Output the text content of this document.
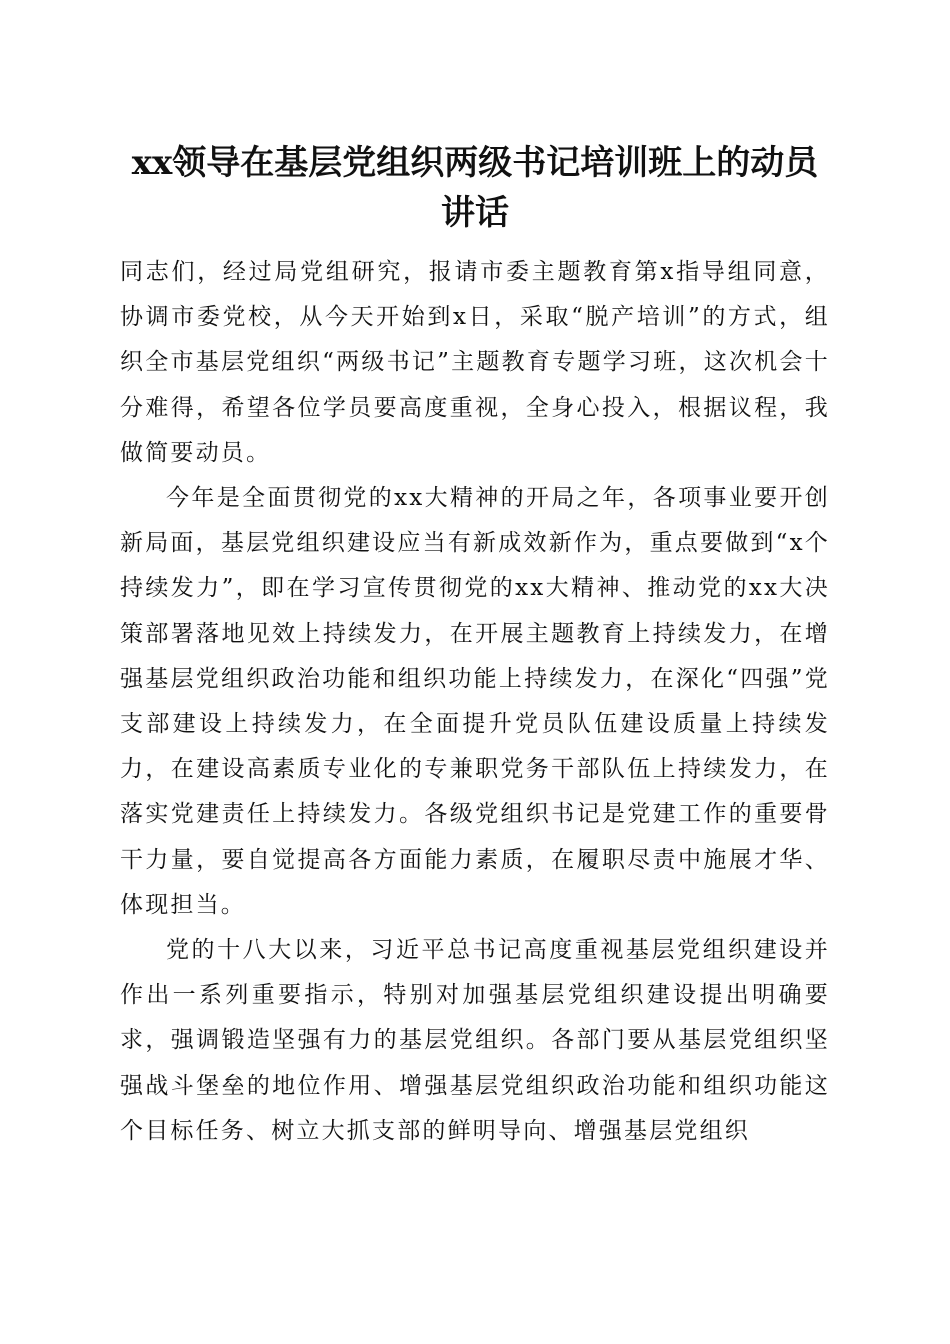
xx领导在基层党组织两级书记培训班上的动员讲话

同志们，经过局党组研究，报请市委主题教育第x指导组同意，协调市委党校，从今天开始到x日，采取“脱产培训”的方式，组织全市基层党组织“两级书记”主题教育专题学习班，这次机会十分难得，希望各位学员要高度重视，全身心投入，根据议程，我做简要动员。

今年是全面贯彻党的xx大精神的开局之年，各项事业要开创新局面，基层党组织建设应当有新成效新作为，重点要做到“x个持续发力”，即在学习宣传贯彻党的xx大精神、推动党的xx大决策部署落地见效上持续发力，在开展主题教育上持续发力，在增强基层党组织政治功能和组织功能上持续发力，在深化“四强”党支部建设上持续发力，在全面提升党员队伍建设质量上持续发力，在建设高素质专业化的专兼职党务干部队伍上持续发力，在落实党建责任上持续发力。各级党组织书记是党建工作的重要骨干力量，要自觉提高各方面能力素质，在履职尽责中施展才华、体现担当。

党的十八大以来，习近平总书记高度重视基层党组织建设并作出一系列重要指示，特别对加强基层党组织建设提出明确要求，强调锻造坚强有力的基层党组织。各部门要从基层党组织坚强战斗堡垒的地位作用、增强基层党组织政治功能和组织功能这个目标任务、树立大抓支部的鲜明导向、增强基层党组织
